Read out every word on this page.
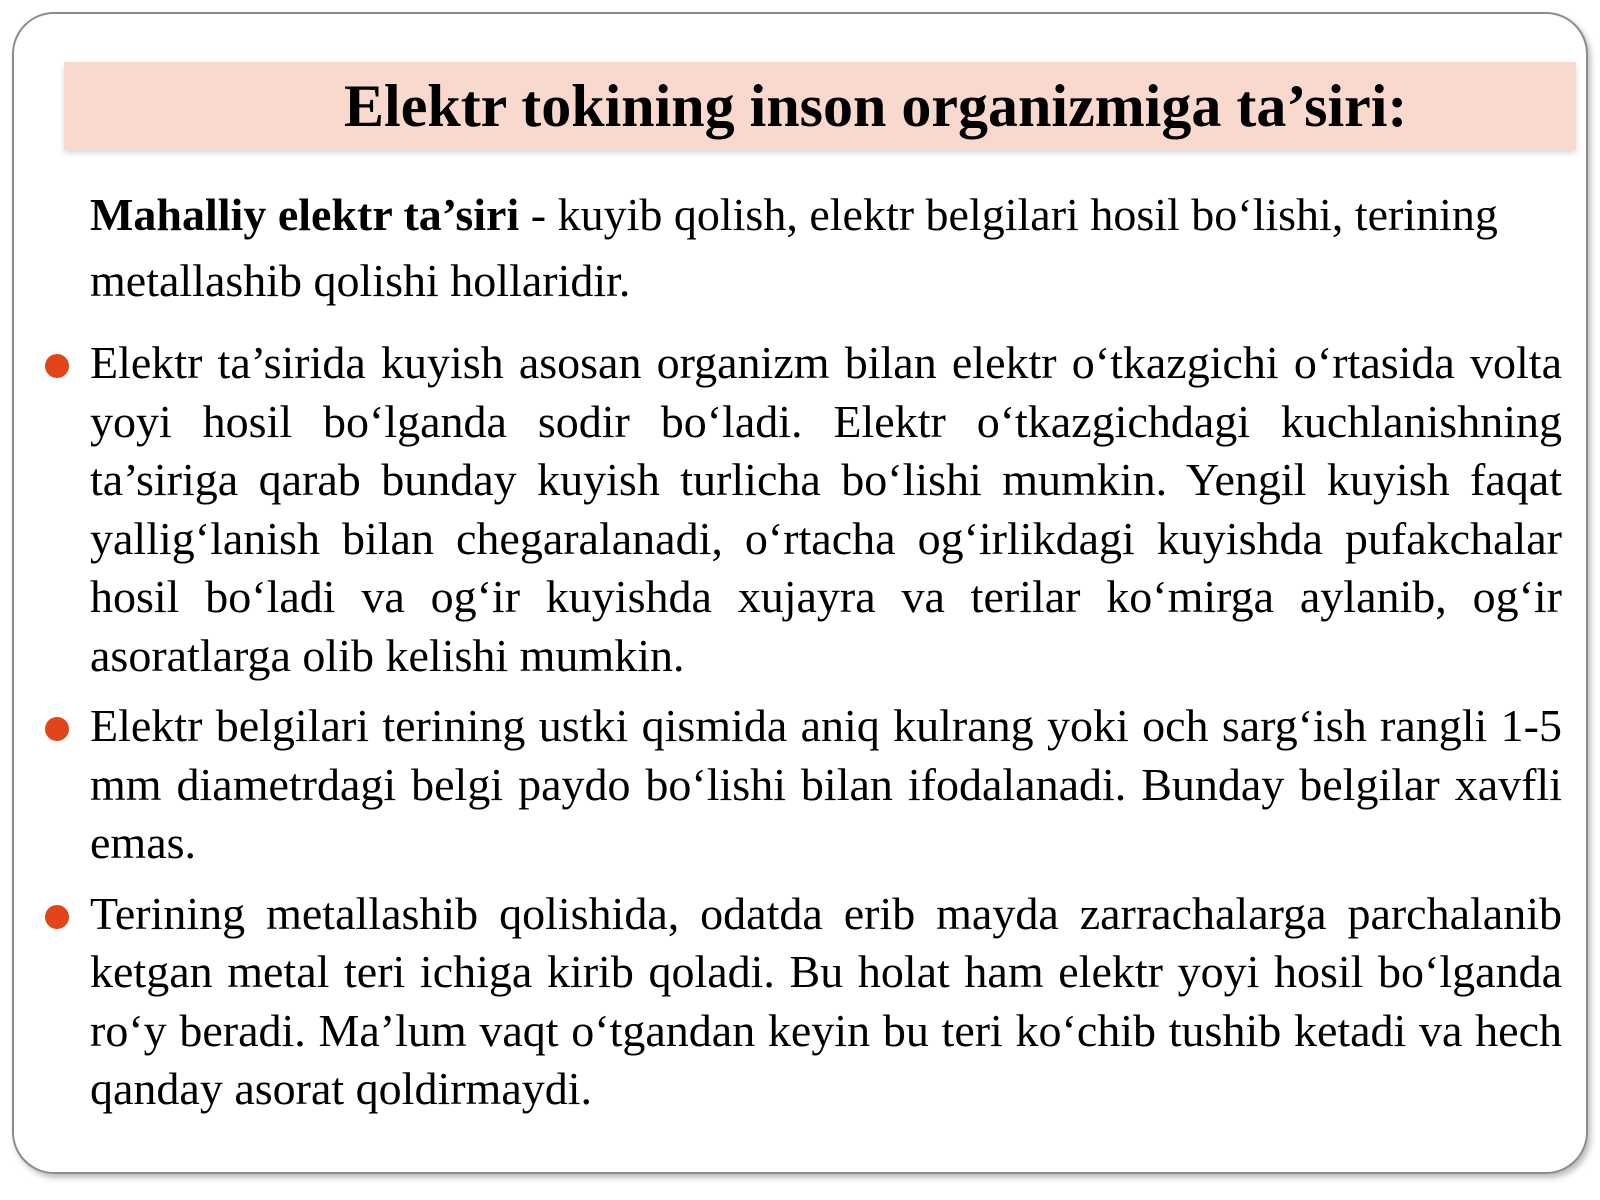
Elektr tokining inson organizmiga ta’siri:

Mahalliy elektr ta’siri - kuyib qolish, elektr belgilari hosil bo‘lishi, terining metallashib qolishi hollaridir.

Elektr ta’sirida kuyish asosan organizm bilan elektr o‘tkazgichi o‘rtasida volta yoyi hosil bo‘lganda sodir bo‘ladi. Elektr o‘tkazgichdagi kuchlanishning ta’siriga qarab bunday kuyish turlicha bo‘lishi mumkin. Yengil kuyish faqat yallig‘lanish bilan chegaralanadi, o‘rtacha og‘irlikdagi kuyishda pufakchalar hosil bo‘ladi va og‘ir kuyishda xujayra va terilar ko‘mirga aylanib, og‘ir asoratlarga olib kelishi mumkin.
Elektr belgilari terining ustki qismida aniq kulrang yoki och sarg‘ish rangli 1-5 mm diametrdagi belgi paydo bo‘lishi bilan ifodalanadi. Bunday belgilar xavfli emas.
Terining metallashib qolishida, odatda erib mayda zarrachalarga parchalanib ketgan metal teri ichiga kirib qoladi. Bu holat ham elektr yoyi hosil bo‘lganda ro‘y beradi. Ma’lum vaqt o‘tgandan keyin bu teri ko‘chib tushib ketadi va hech qanday asorat qoldirmaydi.
